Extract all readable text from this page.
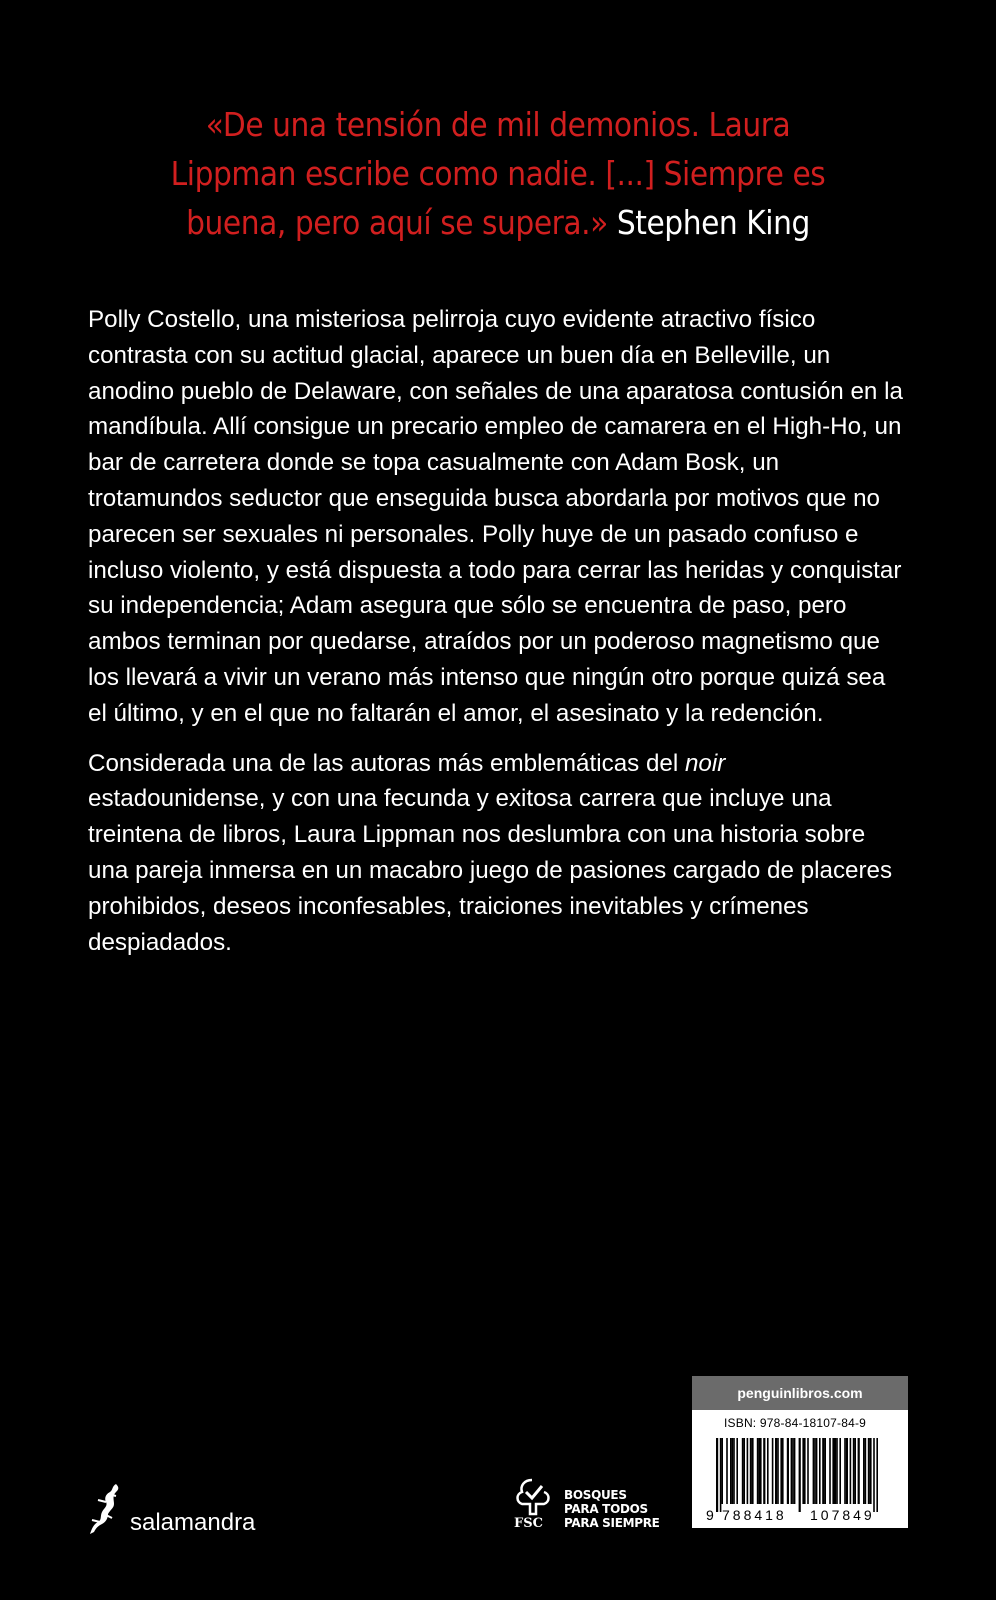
«De una tensión de mil demonios. Laura Lippman escribe como nadie. [...] Siempre es buena, pero aquí se supera.» Stephen King

Polly Costello, una misteriosa pelirroja cuyo evidente atractivo físico contrasta con su actitud glacial, aparece un buen día en Belleville, un anodino pueblo de Delaware, con señales de una aparatosa contusión en la mandíbula. Allí consigue un precario empleo de camarera en el High-Ho, un bar de carretera donde se topa casualmente con Adam Bosk, un trotamundos seductor que enseguida busca abordarla por motivos que no parecen ser sexuales ni personales. Polly huye de un pasado confuso e incluso violento, y está dispuesta a todo para cerrar las heridas y conquistar su independencia; Adam asegura que sólo se encuentra de paso, pero ambos terminan por quedarse, atraídos por un poderoso magnetismo que los llevará a vivir un verano más intenso que ningún otro porque quizá sea el último, y en el que no faltarán el amor, el asesinato y la redención.

Considerada una de las autoras más emblemáticas del noir estadounidense, y con una fecunda y exitosa carrera que incluye una treintena de libros, Laura Lippman nos deslumbra con una historia sobre una pareja inmersa en un macabro juego de pasiones cargado de placeres prohibidos, deseos inconfesables, traiciones inevitables y crímenes despiadados.

salamandra	FSC
BOSQUES
PARA TODOS
PARA SIEMPRE
penguinlibros.com
ISBN: 978-84-18107-84-9
9 788418 107849
